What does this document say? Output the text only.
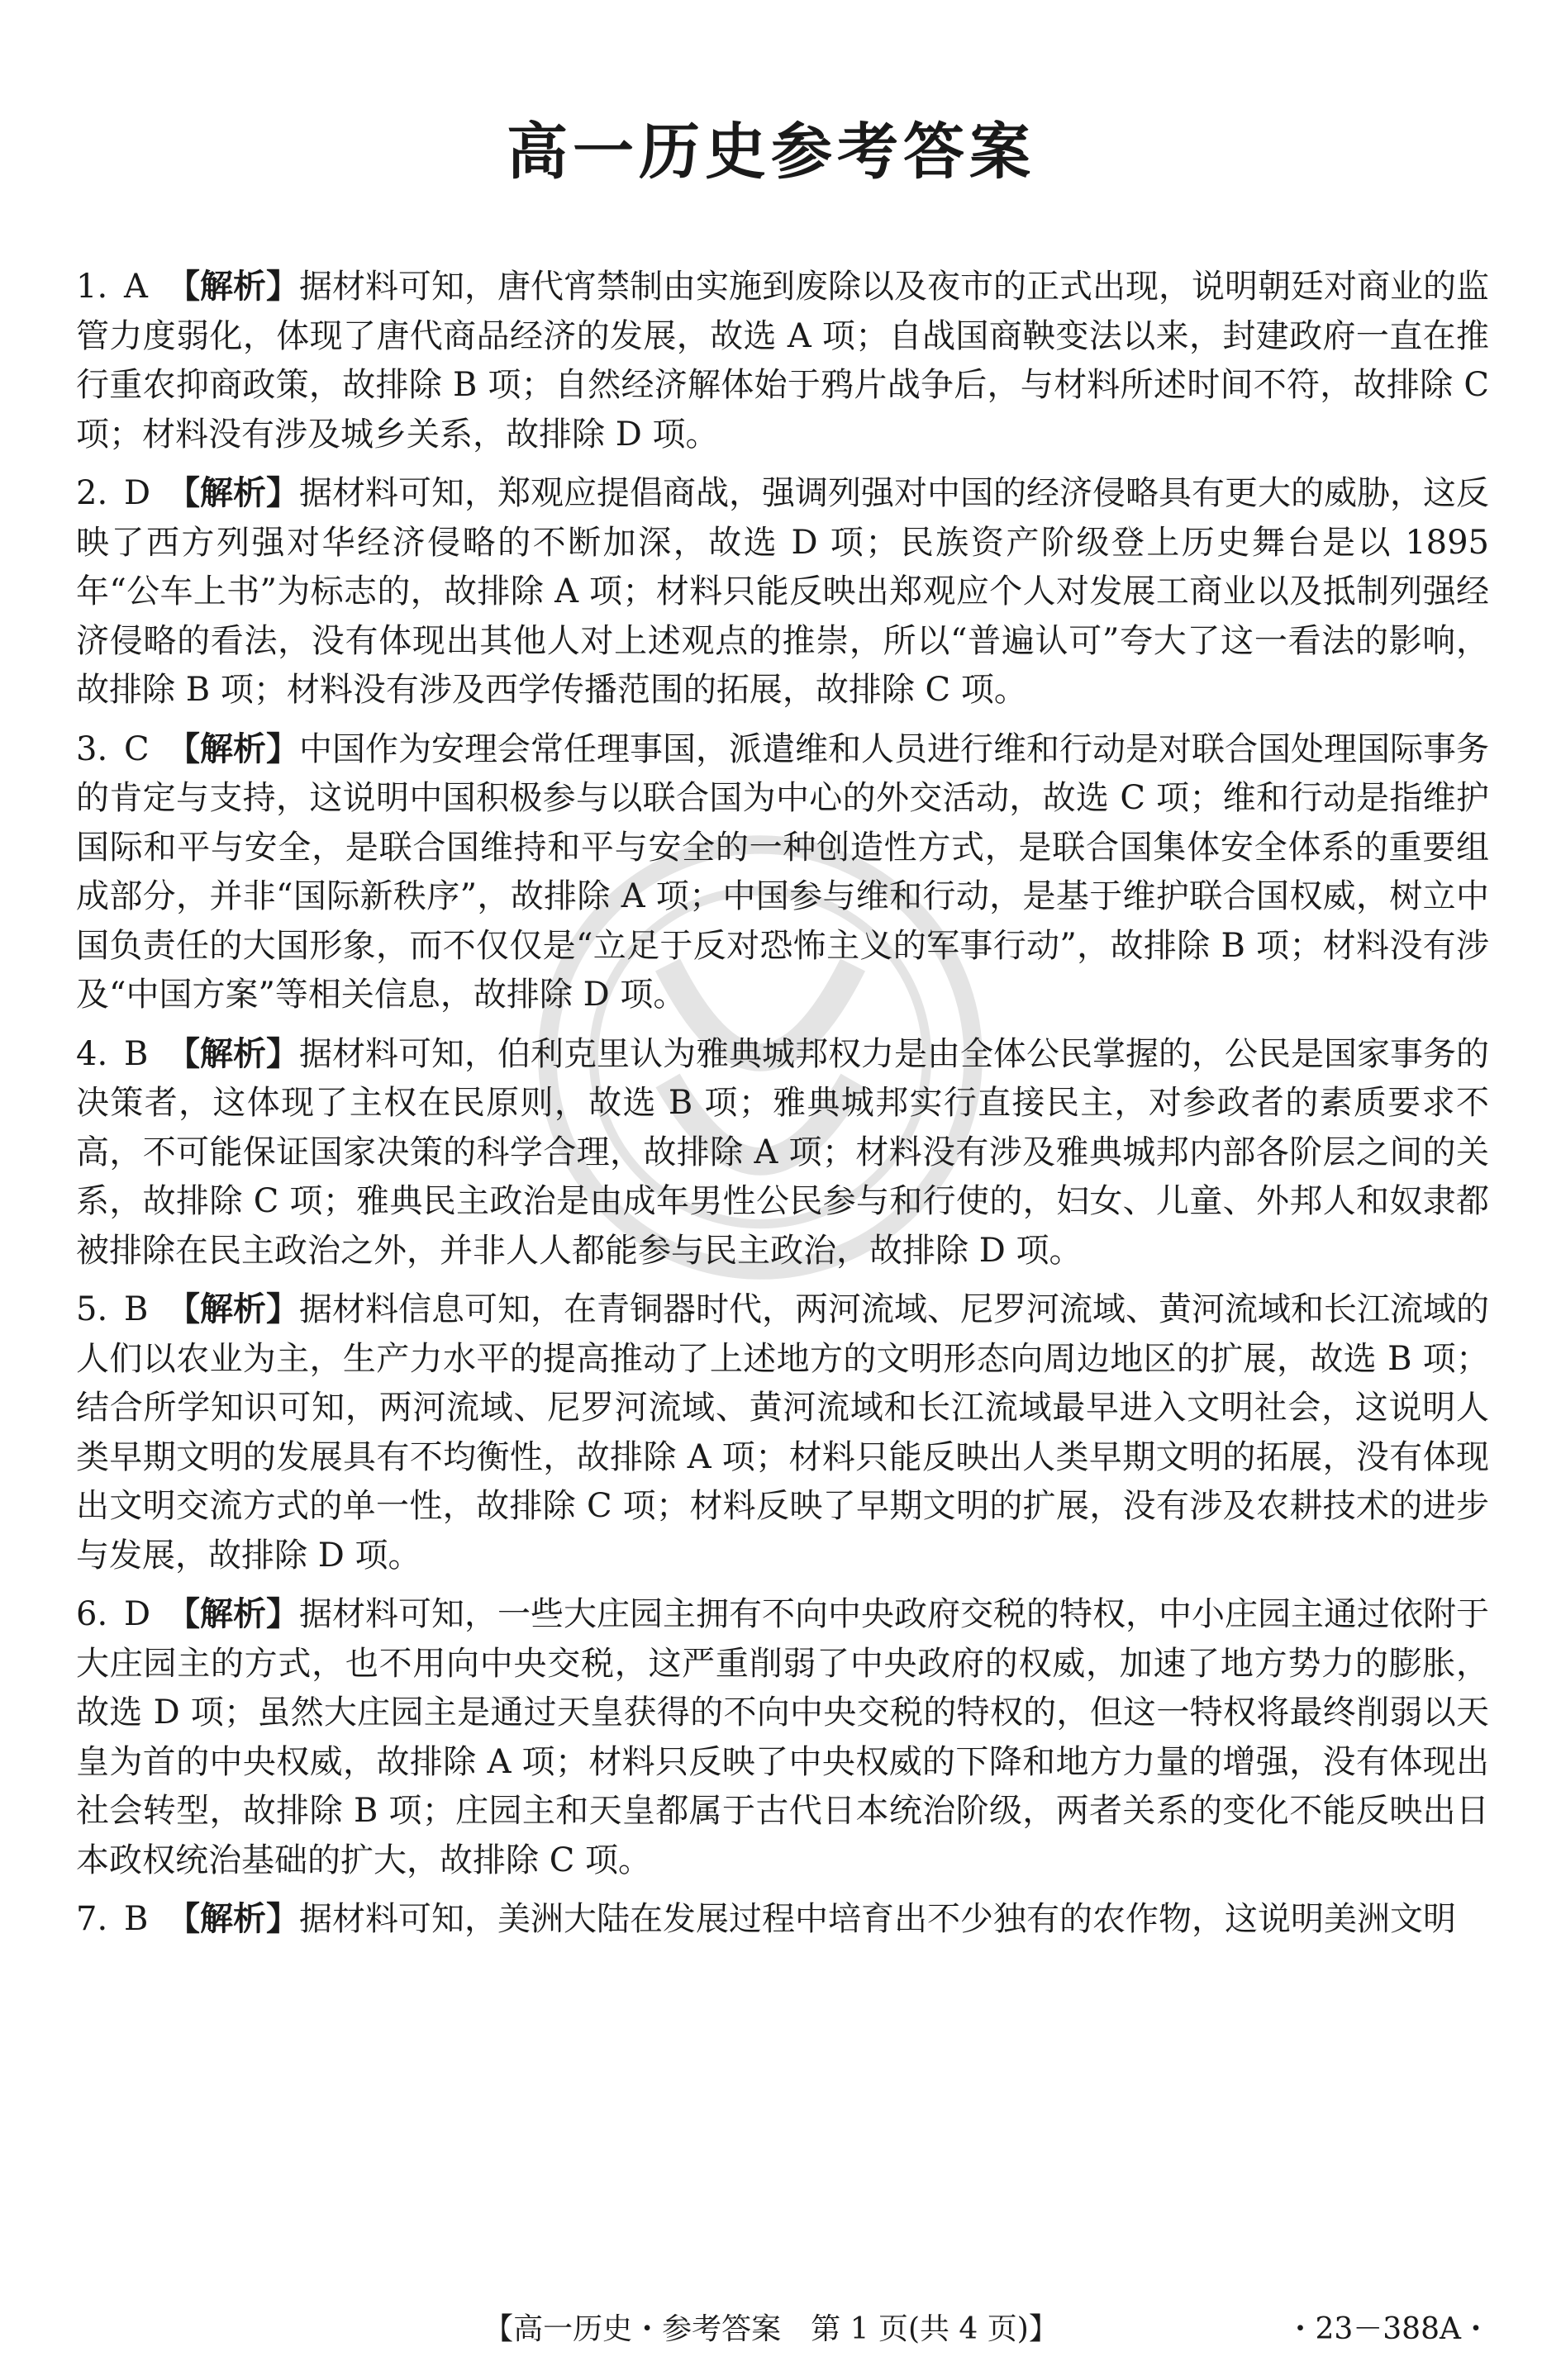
高一历史参考答案
1. A 【解析】据材料可知，唐代宵禁制由实施到废除以及夜市的正式出现，说明朝廷对商业的监管力度弱化，体现了唐代商品经济的发展，故选 A 项；自战国商鞅变法以来，封建政府一直在推行重农抑商政策，故排除 B 项；自然经济解体始于鸦片战争后，与材料所述时间不符，故排除 C 项；材料没有涉及城乡关系，故排除 D 项。
2. D 【解析】据材料可知，郑观应提倡商战，强调列强对中国的经济侵略具有更大的威胁，这反映了西方列强对华经济侵略的不断加深，故选 D 项；民族资产阶级登上历史舞台是以 1895 年“公车上书”为标志的，故排除 A 项；材料只能反映出郑观应个人对发展工商业以及抵制列强经济侵略的看法，没有体现出其他人对上述观点的推崇，所以“普遍认可”夸大了这一看法的影响，故排除 B 项；材料没有涉及西学传播范围的拓展，故排除 C 项。
3. C 【解析】中国作为安理会常任理事国，派遣维和人员进行维和行动是对联合国处理国际事务的肯定与支持，这说明中国积极参与以联合国为中心的外交活动，故选 C 项；维和行动是指维护国际和平与安全，是联合国维持和平与安全的一种创造性方式，是联合国集体安全体系的重要组成部分，并非“国际新秩序”，故排除 A 项；中国参与维和行动，是基于维护联合国权威，树立中国负责任的大国形象，而不仅仅是“立足于反对恐怖主义的军事行动”，故排除 B 项；材料没有涉及“中国方案”等相关信息，故排除 D 项。
4. B 【解析】据材料可知，伯利克里认为雅典城邦权力是由全体公民掌握的，公民是国家事务的决策者，这体现了主权在民原则，故选 B 项；雅典城邦实行直接民主，对参政者的素质要求不高，不可能保证国家决策的科学合理，故排除 A 项；材料没有涉及雅典城邦内部各阶层之间的关系，故排除 C 项；雅典民主政治是由成年男性公民参与和行使的，妇女、儿童、外邦人和奴隶都被排除在民主政治之外，并非人人都能参与民主政治，故排除 D 项。
5. B 【解析】据材料信息可知，在青铜器时代，两河流域、尼罗河流域、黄河流域和长江流域的人们以农业为主，生产力水平的提高推动了上述地方的文明形态向周边地区的扩展，故选 B 项；结合所学知识可知，两河流域、尼罗河流域、黄河流域和长江流域最早进入文明社会，这说明人类早期文明的发展具有不均衡性，故排除 A 项；材料只能反映出人类早期文明的拓展，没有体现出文明交流方式的单一性，故排除 C 项；材料反映了早期文明的扩展，没有涉及农耕技术的进步与发展，故排除 D 项。
6. D 【解析】据材料可知，一些大庄园主拥有不向中央政府交税的特权，中小庄园主通过依附于大庄园主的方式，也不用向中央交税，这严重削弱了中央政府的权威，加速了地方势力的膨胀，故选 D 项；虽然大庄园主是通过天皇获得的不向中央交税的特权的，但这一特权将最终削弱以天皇为首的中央权威，故排除 A 项；材料只反映了中央权威的下降和地方力量的增强，没有体现出社会转型，故排除 B 项；庄园主和天皇都属于古代日本统治阶级，两者关系的变化不能反映出日本政权统治基础的扩大，故排除 C 项。
7. B 【解析】据材料可知，美洲大陆在发展过程中培育出不少独有的农作物，这说明美洲文明
【高一历史・参考答案　第 1 页(共 4 页)】	・23－388A・
